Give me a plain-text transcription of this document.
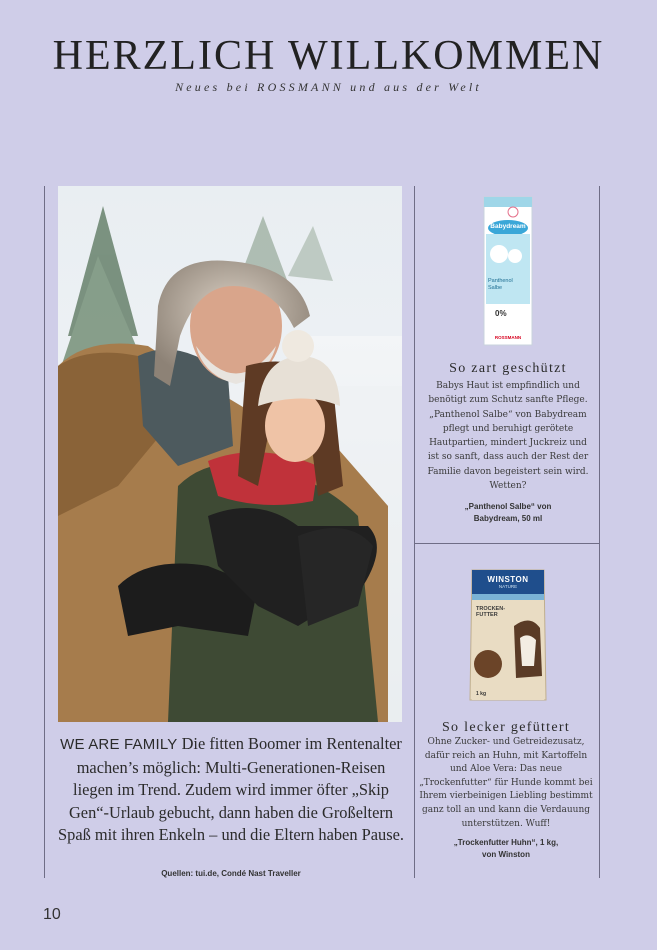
HERZLICH WILLKOMMEN
Neues bei ROSSMANN und aus der Welt
WE ARE FAMILY Die fitten Boomer im Rentenalter machen’s möglich: Multi-Generationen-Reisen liegen im Trend. Zudem wird immer öfter „Skip Gen“-Urlaub gebucht, dann haben die Großeltern Spaß mit ihren Enkeln – und die Eltern haben Pause.
Quellen: tui.de, Condé Nast Traveller
Babydream
Panthenol
Salbe
0%
ROSSMANN
So zart geschützt

Babys Haut ist empfindlich und benötigt zum Schutz sanfte Pflege. „Panthenol Salbe“ von Babydream pflegt und beruhigt gerötete Hautpartien, mindert Juckreiz und ist so sanft, dass auch der Rest der Familie davon begeistert sein wird. Wetten?

„Panthenol Salbe“ von
Babydream, 50 ml

WINSTON
NATURE
TROCKEN-FUTTER
1 kg
So lecker gefüttert

Ohne Zucker- und Getreidezusatz, dafür reich an Huhn, mit Kartoffeln und Aloe Vera: Das neue „Trockenfutter“ für Hunde kommt bei Ihrem vierbeinigen Liebling bestimmt ganz toll an und kann die Verdauung unterstützen. Wuff!

„Trockenfutter Huhn“, 1 kg,
von Winston

10
